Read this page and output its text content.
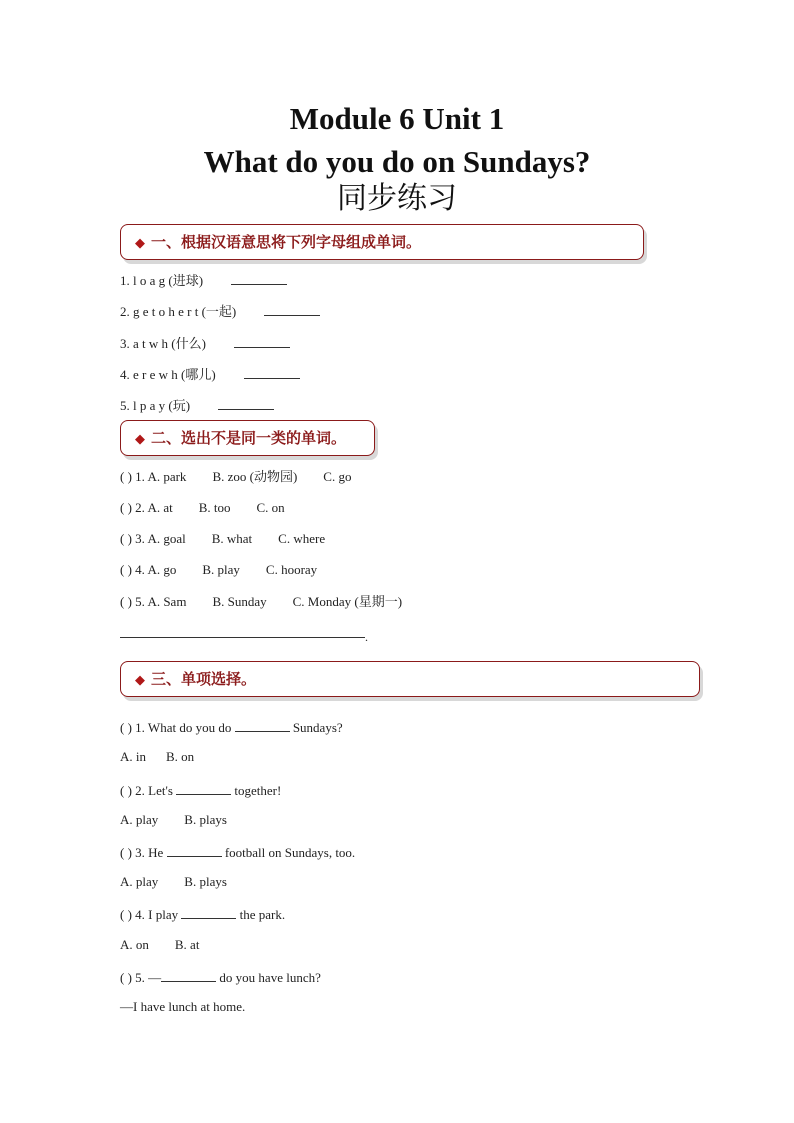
Module 6 Unit 1
What do you do on Sundays?
同步练习
◆ 一、根据汉语意思将下列字母组成单词。
1. l o a g (进球)
2. g e t o h e r t (一起)
3. a t w h (什么)
4. e r e w h (哪儿)
5. l p a y (玩)
◆ 二、选出不是同一类的单词。
( ) 1. A. park B. zoo (动物园) C. go
( ) 2. A. at B. too C. on
( ) 3. A. goal B. what C. where
( ) 4. A. go B. play C. hooray
( ) 5. A. Sam B. Sunday C. Monday (星期一)
.
◆ 三、单项选择。
( ) 1. What do you do	Sundays?
A. in B. on
( ) 2. Let's	together!
A. play B. plays
( ) 3. He	football on Sundays, too.
A. play B. plays
( ) 4. I play	the park.
A. on B. at
( ) 5. —	do you have lunch?
—I have lunch at home.
